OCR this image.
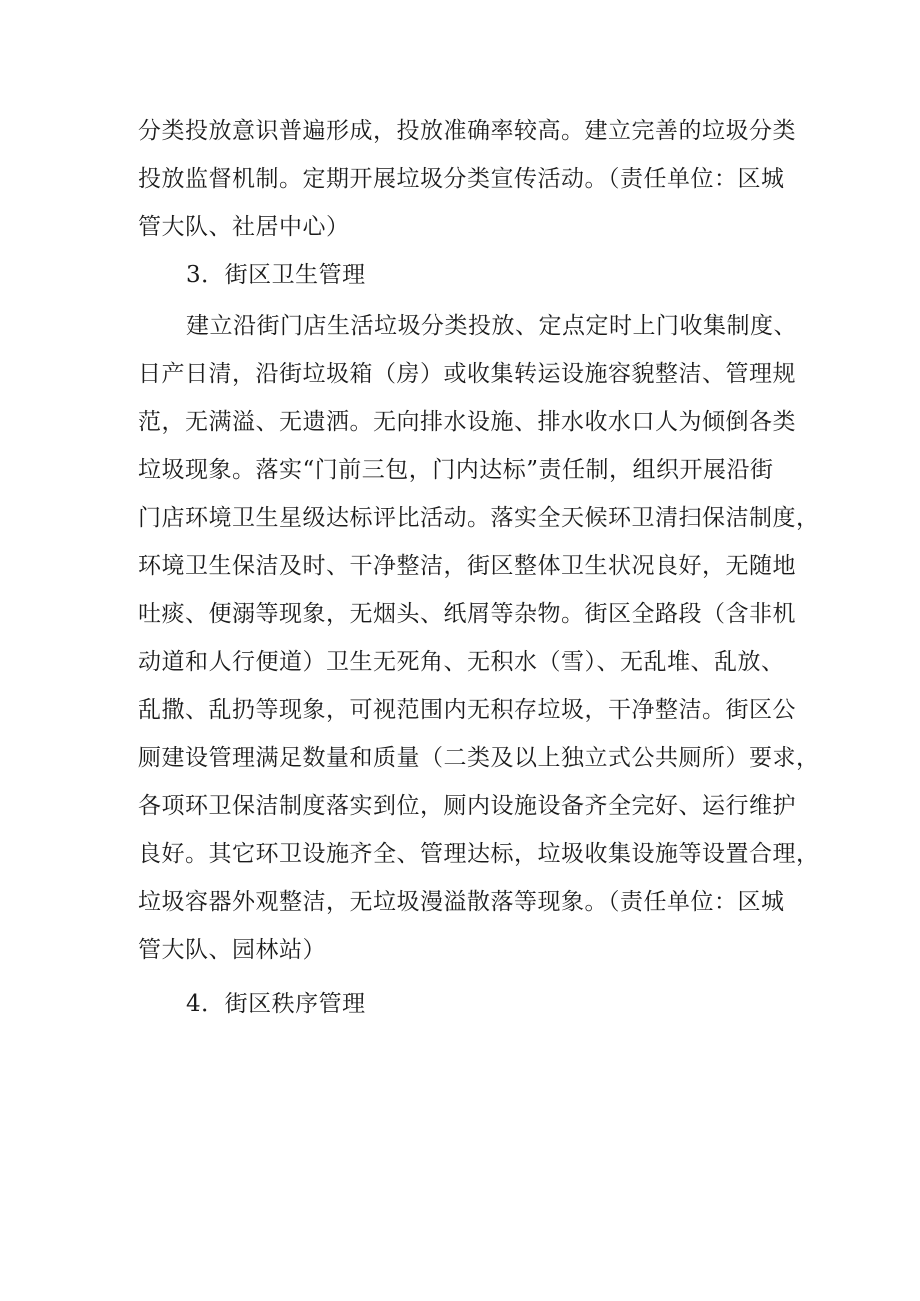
分类投放意识普遍形成，投放准确率较高。建立完善的垃圾分类
投放监督机制。定期开展垃圾分类宣传活动。（责任单位：区城
管大队、社居中心）
3．街区卫生管理
建立沿街门店生活垃圾分类投放、定点定时上门收集制度、
日产日清，沿街垃圾箱（房）或收集转运设施容貌整洁、管理规
范，无满溢、无遗洒。无向排水设施、排水收水口人为倾倒各类
垃圾现象。落实“门前三包，门内达标”责任制，组织开展沿街
门店环境卫生星级达标评比活动。落实全天候环卫清扫保洁制度，
环境卫生保洁及时、干净整洁，街区整体卫生状况良好，无随地
吐痰、便溺等现象，无烟头、纸屑等杂物。街区全路段（含非机
动道和人行便道）卫生无死角、无积水（雪）、无乱堆、乱放、
乱撒、乱扔等现象，可视范围内无积存垃圾，干净整洁。街区公
厕建设管理满足数量和质量（二类及以上独立式公共厕所）要求，
各项环卫保洁制度落实到位，厕内设施设备齐全完好、运行维护
良好。其它环卫设施齐全、管理达标，垃圾收集设施等设置合理，
垃圾容器外观整洁，无垃圾漫溢散落等现象。（责任单位：区城
管大队、园林站）
4．街区秩序管理
